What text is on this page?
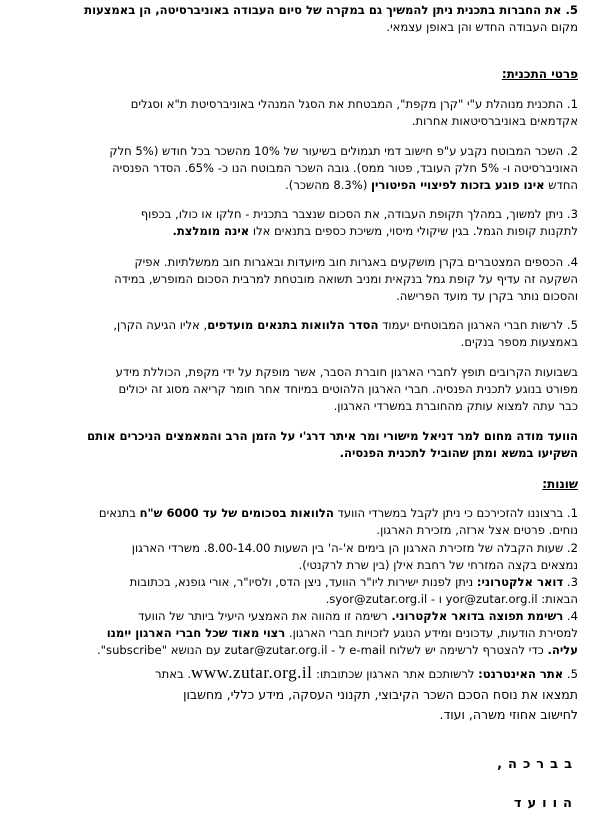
5. את החברות בתכנית ניתן להמשיך גם במקרה של סיום העבודה באוניברסיטה, הן באמצעות
מקום העבודה החדש והן באופן עצמאי.
פרטי התכנית:
1. התכנית מנוהלת ע"י "קרן מקפת", המבטחת את הסגל המנהלי באוניברסיטת ת"א וסגלים
אקדמאים באוניברסיטאות אחרות.
2. השכר המבוטח נקבע ע"פ חישוב דמי תגמולים בשיעור של 10% מהשכר בכל חודש (5% חלק
האוניברסיטה ו- 5% חלק העובד, פטור ממס). גובה השכר המבוטח הנו כ- 65%. הסדר הפנסיה
החדש אינו פוגע בזכות לפיצויי הפיטורין (8.3% מהשכר).
3. ניתן למשוך, במהלך תקופת העבודה, את הסכום שנצבר בתכנית - חלקו או כולו, בכפוף
לתקנות קופות הגמל. בגין שיקולי מיסוי, משיכת כספים בתנאים אלו אינה מומלצת.
4. הכספים המצטברים בקרן מושקעים באגרות חוב מיועדות ובאגרות חוב ממשלתיות. אפיק
השקעה זה עדיף על קופת גמל בנקאית ומניב תשואה מובטחת למרבית הסכום המופרש, במידה
והסכום נותר בקרן עד מועד הפרישה.
5. לרשות חברי הארגון המבוטחים יעמוד הסדר הלוואות בתנאים מועדפים, אליו הגיעה הקרן,
באמצעות מספר בנקים.
בשבועות הקרובים תופץ לחברי הארגון חוברת הסבר, אשר מופקת על ידי מקפת, הכוללת מידע
מפורט בנוגע לתכנית הפנסיה. חברי הארגון הלהוטים במיוחד אחר חומר קריאה מסוג זה יכולים
כבר עתה למצוא עותק מהחוברת במשרדי הארגון.
הוועד מודה מחום למר דניאל מישורי ומר איתר דרג'י על הזמן הרב והמאמצים הניכרים אותם
השקיעו במשא ומתן שהוביל לתכנית הפנסיה.
שונות:
1. ברצוננו להזכירכם כי ניתן לקבל במשרדי הוועד הלוואות בסכומים של עד 6000 ש"ח בתנאים
נוחים. פרטים אצל ארזה, מזכירת הארגון.
2. שעות הקבלה של מזכירת הארגון הן בימים א'-ה' בין השעות 8.00-14.00. משרדי הארגון
נמצאים בקצה המזרחי של רחבת אילן (בין שרת לרקנטי).
3. דואר אלקטרוני: ניתן לפנות ישירות ליו"ר הוועד, ניצן הדס, ולסיו"ר, אורי גופנא, בכתובות
הבאות: yor@zutar.org.il ו - syor@zutar.org.il.
4. רשימת תפוצה בדואר אלקטרוני. רשימה זו מהווה את האמצעי היעיל ביותר של הוועד
למסירת הודעות, עדכונים ומידע הנוגע לזכויות חברי הארגון. רצוי מאוד שכל חברי הארגון ייִמנו
עליה. כדי להצטרף לרשימה יש לשלוח e-mail ל - zutar@zutar.org.il עם הנושא "subscribe".
5. אתר האינטרנט: לרשותכם אתר הארגון שכתובתו: www.zutar.org.il. באתר
תמצאו את נוסח הסכם השכר הקיבוצי, תקנוני העסקה, מידע כללי, מחשבון
לחישוב אחוזי משרה, ועוד.
בברכה,
הוועד
